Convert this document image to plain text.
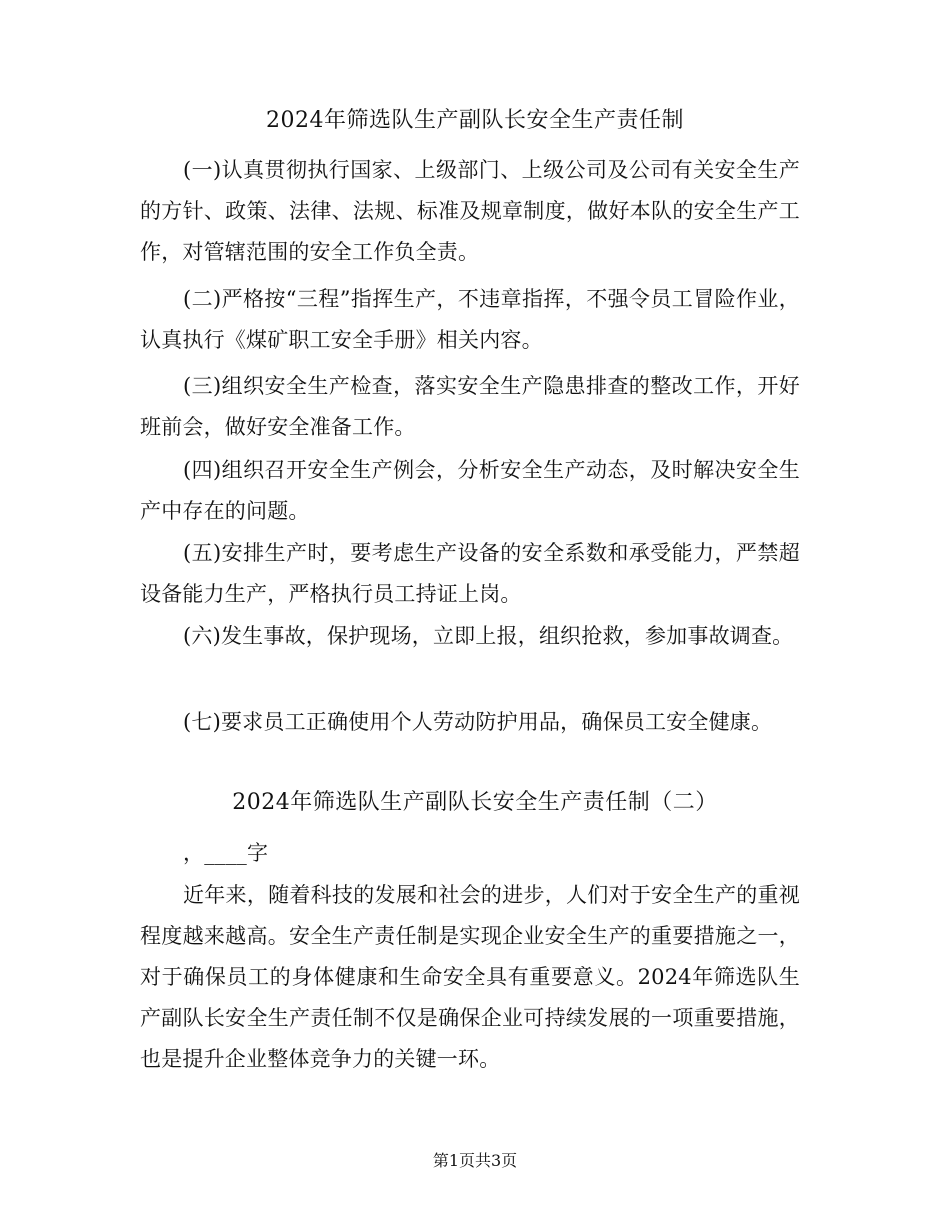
2024年筛选队生产副队长安全生产责任制
(一)认真贯彻执行国家、上级部门、上级公司及公司有关安全生产的方针、政策、法律、法规、标准及规章制度，做好本队的安全生产工作，对管辖范围的安全工作负全责。
(二)严格按“三程”指挥生产，不违章指挥，不强令员工冒险作业，认真执行《煤矿职工安全手册》相关内容。
(三)组织安全生产检查，落实安全生产隐患排查的整改工作，开好班前会，做好安全准备工作。
(四)组织召开安全生产例会，分析安全生产动态，及时解决安全生产中存在的问题。
(五)安排生产时，要考虑生产设备的安全系数和承受能力，严禁超设备能力生产，严格执行员工持证上岗。
(六)发生事故，保护现场，立即上报，组织抢救，参加事故调查。
(七)要求员工正确使用个人劳动防护用品，确保员工安全健康。
2024年筛选队生产副队长安全生产责任制（二）
，____字
近年来，随着科技的发展和社会的进步，人们对于安全生产的重视程度越来越高。安全生产责任制是实现企业安全生产的重要措施之一，对于确保员工的身体健康和生命安全具有重要意义。2024年筛选队生产副队长安全生产责任制不仅是确保企业可持续发展的一项重要措施，也是提升企业整体竞争力的关键一环。
第1页共3页
